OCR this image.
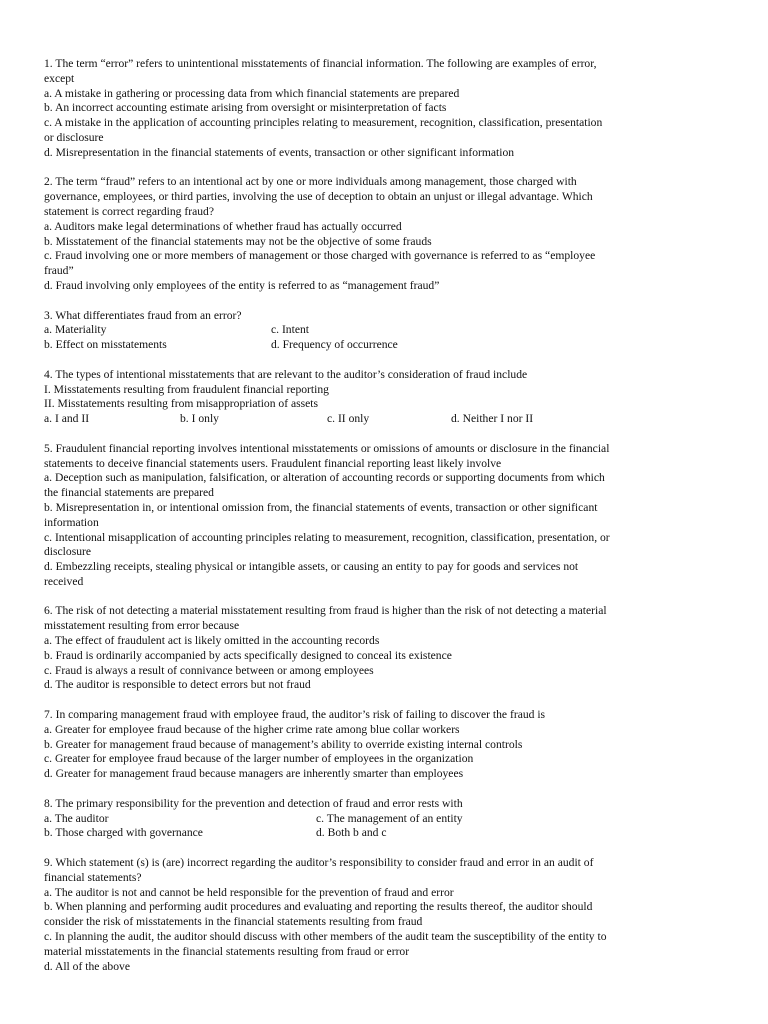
1. The term “error” refers to unintentional misstatements of financial information. The following are examples of error,
except
a. A mistake in gathering or processing data from which financial statements are prepared
b. An incorrect accounting estimate arising from oversight or misinterpretation of facts
c. A mistake in the application of accounting principles relating to measurement, recognition, classification, presentation
or disclosure
d. Misrepresentation in the financial statements of events, transaction or other significant information
2. The term “fraud” refers to an intentional act by one or more individuals among management, those charged with
governance, employees, or third parties, involving the use of deception to obtain an unjust or illegal advantage. Which
statement is correct regarding fraud?
a. Auditors make legal determinations of whether fraud has actually occurred
b. Misstatement of the financial statements may not be the objective of some frauds
c. Fraud involving one or more members of management or those charged with governance is referred to as “employee
fraud”
d. Fraud involving only employees of the entity is referred to as “management fraud”
3. What differentiates fraud from an error?
a. Materiality	c. Intent
b. Effect on misstatements	d. Frequency of occurrence
4. The types of intentional misstatements that are relevant to the auditor’s consideration of fraud include
I. Misstatements resulting from fraudulent financial reporting
II. Misstatements resulting from misappropriation of assets
a. I and II	b. I only	c. II only	d. Neither I nor II
5. Fraudulent financial reporting involves intentional misstatements or omissions of amounts or disclosure in the financial
statements to deceive financial statements users. Fraudulent financial reporting least likely involve
a. Deception such as manipulation, falsification, or alteration of accounting records or supporting documents from which
the financial statements are prepared
b. Misrepresentation in, or intentional omission from, the financial statements of events, transaction or other significant
information
c. Intentional misapplication of accounting principles relating to measurement, recognition, classification, presentation, or
disclosure
d. Embezzling receipts, stealing physical or intangible assets, or causing an entity to pay for goods and services not
received
6. The risk of not detecting a material misstatement resulting from fraud is higher than the risk of not detecting a material
misstatement resulting from error because
a. The effect of fraudulent act is likely omitted in the accounting records
b. Fraud is ordinarily accompanied by acts specifically designed to conceal its existence
c. Fraud is always a result of connivance between or among employees
d. The auditor is responsible to detect errors but not fraud
7. In comparing management fraud with employee fraud, the auditor’s risk of failing to discover the fraud is
a. Greater for employee fraud because of the higher crime rate among blue collar workers
b. Greater for management fraud because of management’s ability to override existing internal controls
c. Greater for employee fraud because of the larger number of employees in the organization
d. Greater for management fraud because managers are inherently smarter than employees
8. The primary responsibility for the prevention and detection of fraud and error rests with
a. The auditor	c. The management of an entity
b. Those charged with governance	d. Both b and c
9. Which statement (s) is (are) incorrect regarding the auditor’s responsibility to consider fraud and error in an audit of
financial statements?
a. The auditor is not and cannot be held responsible for the prevention of fraud and error
b. When planning and performing audit procedures and evaluating and reporting the results thereof, the auditor should
consider the risk of misstatements in the financial statements resulting from fraud
c. In planning the audit, the auditor should discuss with other members of the audit team the susceptibility of the entity to
material misstatements in the financial statements resulting from fraud or error
d. All of the above
